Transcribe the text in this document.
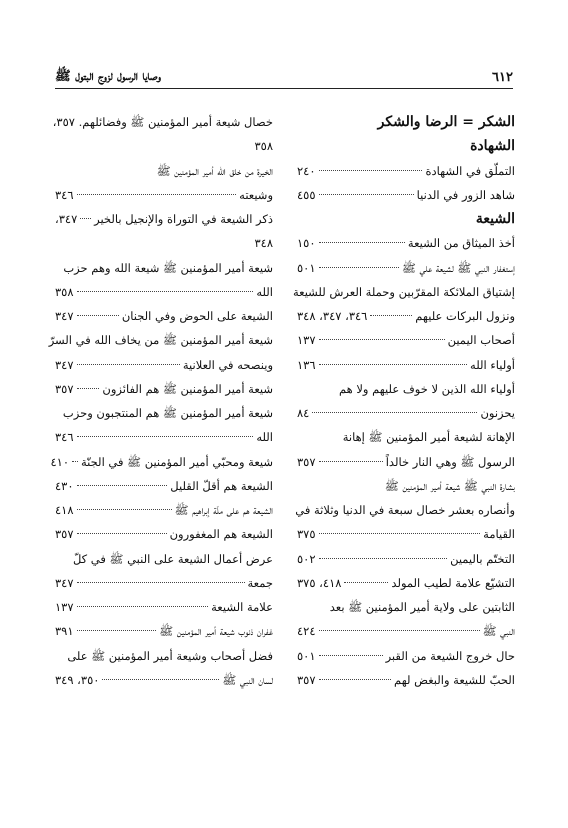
٦١٢
وصايا الرسول لزوج البتول ﷺ
الشكر = الرضا والشكر
الشهادة
التملّق في الشهادة
٢٤٠
شاهد الزور في الدنيا
٤٥٥
الشيعة
أخذ الميثاق من الشيعة
١٥٠
إستغفار النبي ﷺ لشيعة علي ﷺ
٥٠١
إشتياق الملائكة المقرّبين وحملة العرش للشيعة
ونزول البركات عليهم
٣٤٦، ٣٤٧، ٣٤٨
أصحاب اليمين
١٣٧
أولياء الله
١٣٦
أولياء الله الذين لا خوف عليهم ولا هم
يحزنون
٨٤
الإهانة لشيعة أمير المؤمنين ﷺ إهانة
الرسول ﷺ وهي النار خالداً
٣٥٧
بشارة النبي ﷺ شيعة أمير المؤمنين ﷺ
وأنصاره بعشر خصال سبعة في الدنيا وثلاثة في
القيامة
٣٧٥
التختّم باليمين
٥٠٢
التشيّع علامة لطيب المولد
٤١٨، ٣٧٥
الثابتين على ولاية أمير المؤمنين ﷺ بعد
النبي ﷺ
٤٢٤
حال خروج الشيعة من القبر
٥٠١
الحبّ للشيعة والبغض لهم
٣٥٧
خصال شيعة أمير المؤمنين ﷺ وفضائلهم. ٣٥٧،
٣٥٨
الخيرة من خلق الله أمير المؤمنين ﷺ
وشيعته
٣٤٦
ذكر الشيعة في التوراة والإنجيل بالخير
٣٤٧،
٣٤٨
شيعة أمير المؤمنين ﷺ شيعة الله وهم حزب
الله
٣٥٨
الشيعة على الحوض وفي الجنان
٣٤٧
شيعة أمير المؤمنين ﷺ من يخاف الله في السرّ
وينصحه في العلانية
٣٤٧
شيعة أمير المؤمنين ﷺ هم الفائزون
٣٥٧
شيعة أمير المؤمنين ﷺ هم المنتجبون وحزب
الله
٣٤٦
شيعة ومحبّي أمير المؤمنين ﷺ في الجنّة
٤١٠
الشيعة هم أقلّ القليل
٤٣٠
الشيعة هم على ملّة إبراهيم ﷺ
٤١٨
الشيعة هم المغفورون
٣٥٧
عرض أعمال الشيعة على النبي ﷺ في كلّ
جمعة
٣٤٧
علامة الشيعة
١٣٧
غفران ذنوب شيعة أمير المؤمنين ﷺ
٣٩١
فضل أصحاب وشيعة أمير المؤمنين ﷺ على
لسان النبي ﷺ
٣٥٠، ٣٤٩
